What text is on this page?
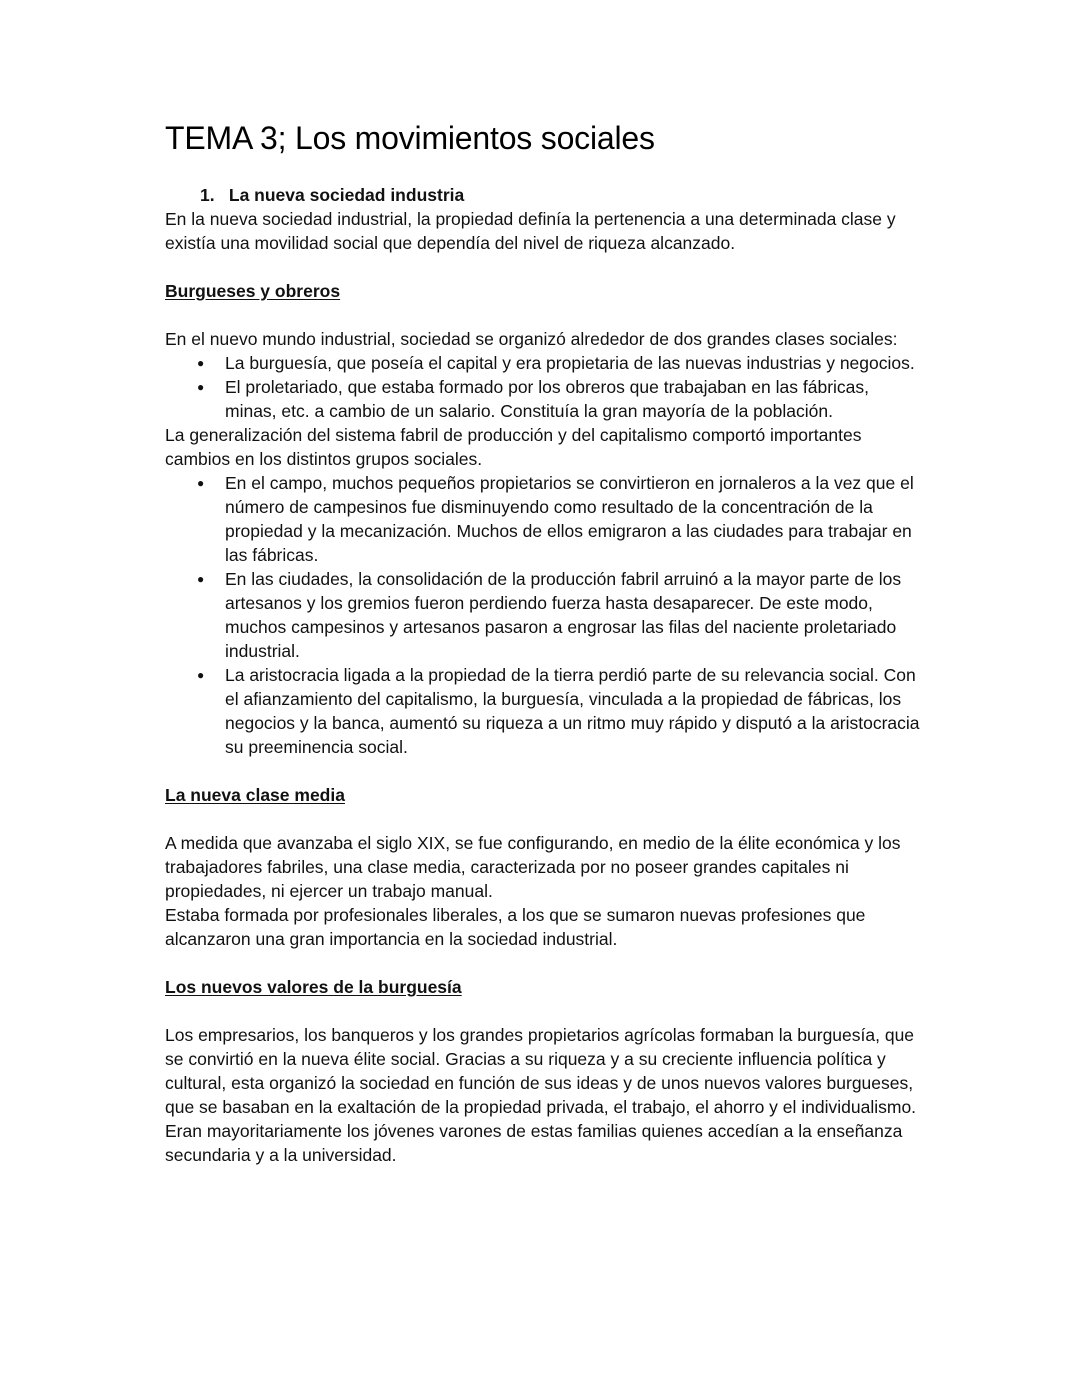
TEMA 3; Los movimientos sociales
1. La nueva sociedad industria

En la nueva sociedad industrial, la propiedad definía la pertenencia a una determinada clase y existía una movilidad social que dependía del nivel de riqueza alcanzado.

Burgueses y obreros

En el nuevo mundo industrial, sociedad se organizó alrededor de dos grandes clases sociales:

● La burguesía, que poseía el capital y era propietaria de las nuevas industrias y negocios.
● El proletariado, que estaba formado por los obreros que trabajaban en las fábricas, minas, etc. a cambio de un salario. Constituía la gran mayoría de la población.

La generalización del sistema fabril de producción y del capitalismo comportó importantes cambios en los distintos grupos sociales.

● En el campo, muchos pequeños propietarios se convirtieron en jornaleros a la vez que el número de campesinos fue disminuyendo como resultado de la concentración de la propiedad y la mecanización. Muchos de ellos emigraron a las ciudades para trabajar en las fábricas.
● En las ciudades, la consolidación de la producción fabril arruinó a la mayor parte de los artesanos y los gremios fueron perdiendo fuerza hasta desaparecer. De este modo, muchos campesinos y artesanos pasaron a engrosar las filas del naciente proletariado industrial.
● La aristocracia ligada a la propiedad de la tierra perdió parte de su relevancia social. Con el afianzamiento del capitalismo, la burguesía, vinculada a la propiedad de fábricas, los negocios y la banca, aumentó su riqueza a un ritmo muy rápido y disputó a la aristocracia su preeminencia social.
La nueva clase media

A medida que avanzaba el siglo XIX, se fue configurando, en medio de la élite económica y los trabajadores fabriles, una clase media, caracterizada por no poseer grandes capitales ni propiedades, ni ejercer un trabajo manual.

Estaba formada por profesionales liberales, a los que se sumaron nuevas profesiones que alcanzaron una gran importancia en la sociedad industrial.

Los nuevos valores de la burguesía

Los empresarios, los banqueros y los grandes propietarios agrícolas formaban la burguesía, que se convirtió en la nueva élite social. Gracias a su riqueza y a su creciente influencia política y cultural, esta organizó la sociedad en función de sus ideas y de unos nuevos valores burgueses, que se basaban en la exaltación de la propiedad privada, el trabajo, el ahorro y el individualismo.

Eran mayoritariamente los jóvenes varones de estas familias quienes accedían a la enseñanza secundaria y a la universidad.
